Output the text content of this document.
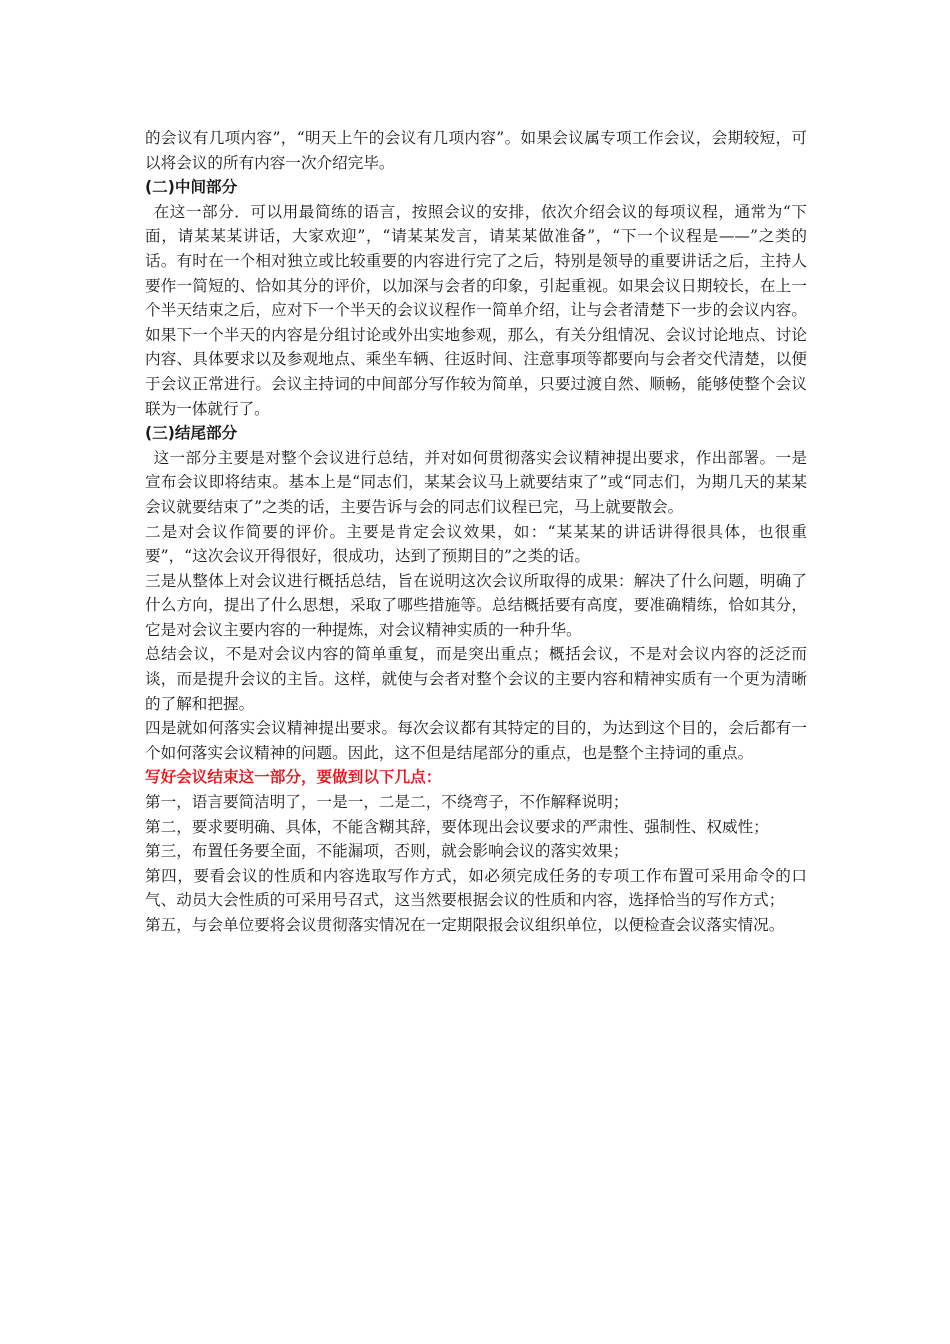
的会议有几项内容”，“明天上午的会议有几项内容”。如果会议属专项工作会议，会期较短，可以将会议的所有内容一次介绍完毕。

(二)中间部分

在这一部分．可以用最简练的语言，按照会议的安排，依次介绍会议的每项议程，通常为“下面，请某某某讲话，大家欢迎”，“请某某发言，请某某做准备”，“下一个议程是——”之类的话。有时在一个相对独立或比较重要的内容进行完了之后，特别是领导的重要讲话之后，主持人要作一简短的、恰如其分的评价，以加深与会者的印象，引起重视。如果会议日期较长，在上一个半天结束之后，应对下一个半天的会议议程作一简单介绍，让与会者清楚下一步的会议内容。如果下一个半天的内容是分组讨论或外出实地参观，那么，有关分组情况、会议讨论地点、讨论内容、具体要求以及参观地点、乘坐车辆、往返时间、注意事项等都要向与会者交代清楚，以便于会议正常进行。会议主持词的中间部分写作较为简单，只要过渡自然、顺畅，能够使整个会议联为一体就行了。

(三)结尾部分

这一部分主要是对整个会议进行总结，并对如何贯彻落实会议精神提出要求，作出部署。一是宣布会议即将结束。基本上是“同志们，某某会议马上就要结束了”或“同志们，为期几天的某某会议就要结束了”之类的话，主要告诉与会的同志们议程已完，马上就要散会。

二是对会议作简要的评价。主要是肯定会议效果，如：“某某某的讲话讲得很具体，也很重要”，“这次会议开得很好，很成功，达到了预期目的”之类的话。

三是从整体上对会议进行概括总结，旨在说明这次会议所取得的成果：解决了什么问题，明确了什么方向，提出了什么思想，采取了哪些措施等。总结概括要有高度，要准确精练，恰如其分，它是对会议主要内容的一种提炼，对会议精神实质的一种升华。

总结会议，不是对会议内容的简单重复，而是突出重点；概括会议，不是对会议内容的泛泛而谈，而是提升会议的主旨。这样，就使与会者对整个会议的主要内容和精神实质有一个更为清晰的了解和把握。

四是就如何落实会议精神提出要求。每次会议都有其特定的目的，为达到这个目的，会后都有一个如何落实会议精神的问题。因此，这不但是结尾部分的重点，也是整个主持词的重点。

写好会议结束这一部分，要做到以下几点：

第一，语言要简洁明了，一是一，二是二，不绕弯子，不作解释说明；

第二，要求要明确、具体，不能含糊其辞，要体现出会议要求的严肃性、强制性、权威性；

第三，布置任务要全面，不能漏项，否则，就会影响会议的落实效果；

第四，要看会议的性质和内容选取写作方式，如必须完成任务的专项工作布置可采用命令的口气、动员大会性质的可采用号召式，这当然要根据会议的性质和内容，选择恰当的写作方式；

第五，与会单位要将会议贯彻落实情况在一定期限报会议组织单位，以便检查会议落实情况。
